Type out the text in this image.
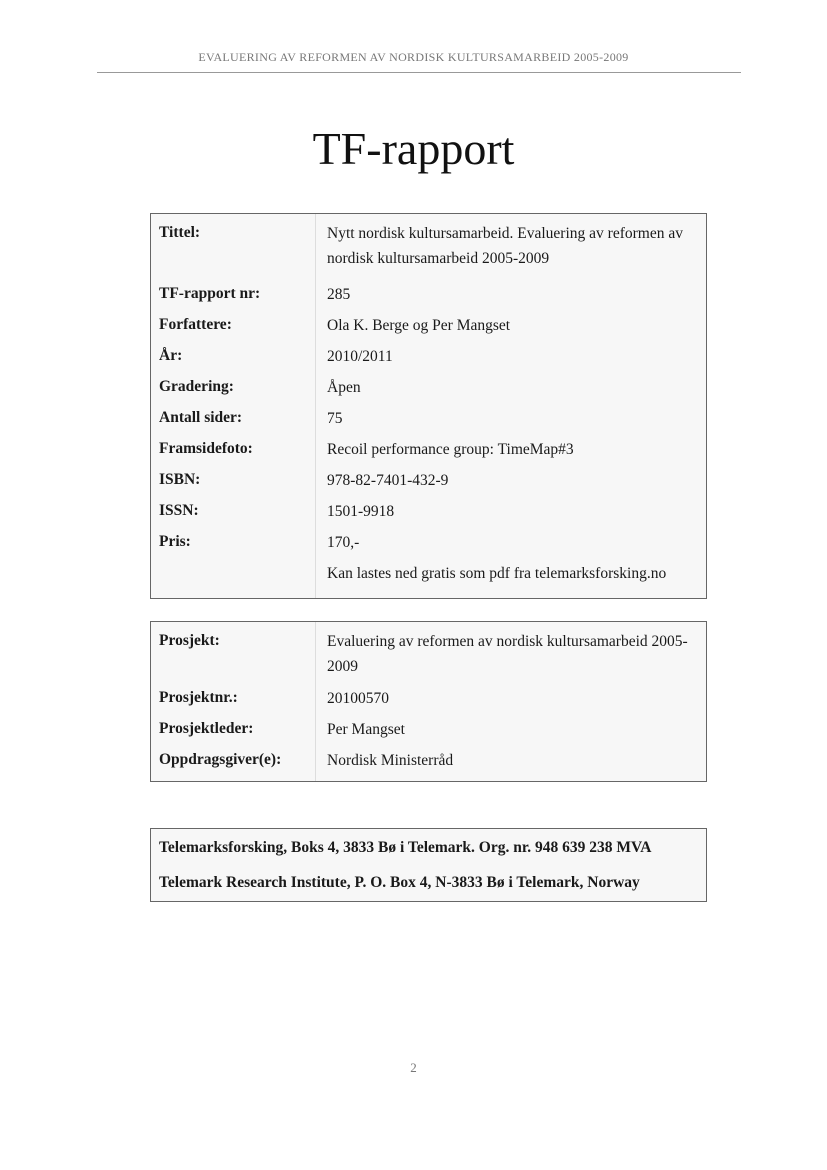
EVALUERING AV REFORMEN AV NORDISK KULTURSAMARBEID 2005-2009
TF-rapport
Tittel:	Nytt nordisk kultursamarbeid. Evaluering av reformen av nordisk kultursamarbeid 2005-2009
TF-rapport nr:	285
Forfattere:	Ola K. Berge og Per Mangset
År:	2010/2011
Gradering:	Åpen
Antall sider:	75
Framsidefoto:	Recoil performance group: TimeMap#3
ISBN:	978-82-7401-432-9
ISSN:	1501-9918
Pris:	170,-
Kan lastes ned gratis som pdf fra telemarksforsking.no
Prosjekt:	Evaluering av reformen av nordisk kultursamarbeid 2005-2009
Prosjektnr.:	20100570
Prosjektleder:	Per Mangset
Oppdragsgiver(e):	Nordisk Ministerråd
Telemarksforsking, Boks 4, 3833 Bø i Telemark. Org. nr. 948 639 238 MVA
Telemark Research Institute, P. O. Box 4, N-3833 Bø i Telemark, Norway
2
